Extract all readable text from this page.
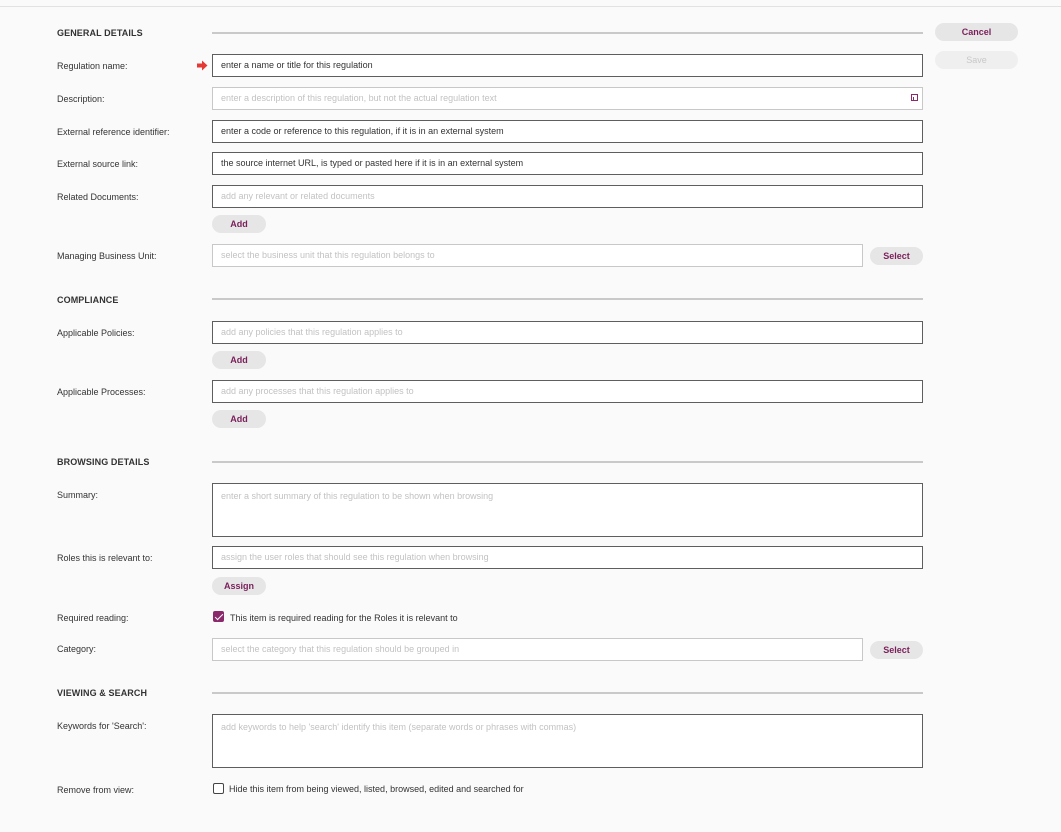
Cancel
Save
GENERAL DETAILS
Regulation name:	enter a name or title for this regulation
Description:	enter a description of this regulation, but not the actual regulation text
External reference identifier:	enter a code or reference to this regulation, if it is in an external system
External source link:	the source internet URL, is typed or pasted here if it is in an external system
Related Documents:	add any relevant or related documents
Add
Managing Business Unit:	select the business unit that this regulation belongs to	Select
COMPLIANCE
Applicable Policies:	add any policies that this regulation applies to
Add
Applicable Processes:	add any processes that this regulation applies to
Add
BROWSING DETAILS
Summary:	enter a short summary of this regulation to be shown when browsing
Roles this is relevant to:	assign the user roles that should see this regulation when browsing
Assign
Required reading:	This item is required reading for the Roles it is relevant to
Category:	select the category that this regulation should be grouped in	Select
VIEWING & SEARCH
Keywords for 'Search':	add keywords to help 'search' identify this item (separate words or phrases with commas)
Remove from view:	Hide this item from being viewed, listed, browsed, edited and searched for
